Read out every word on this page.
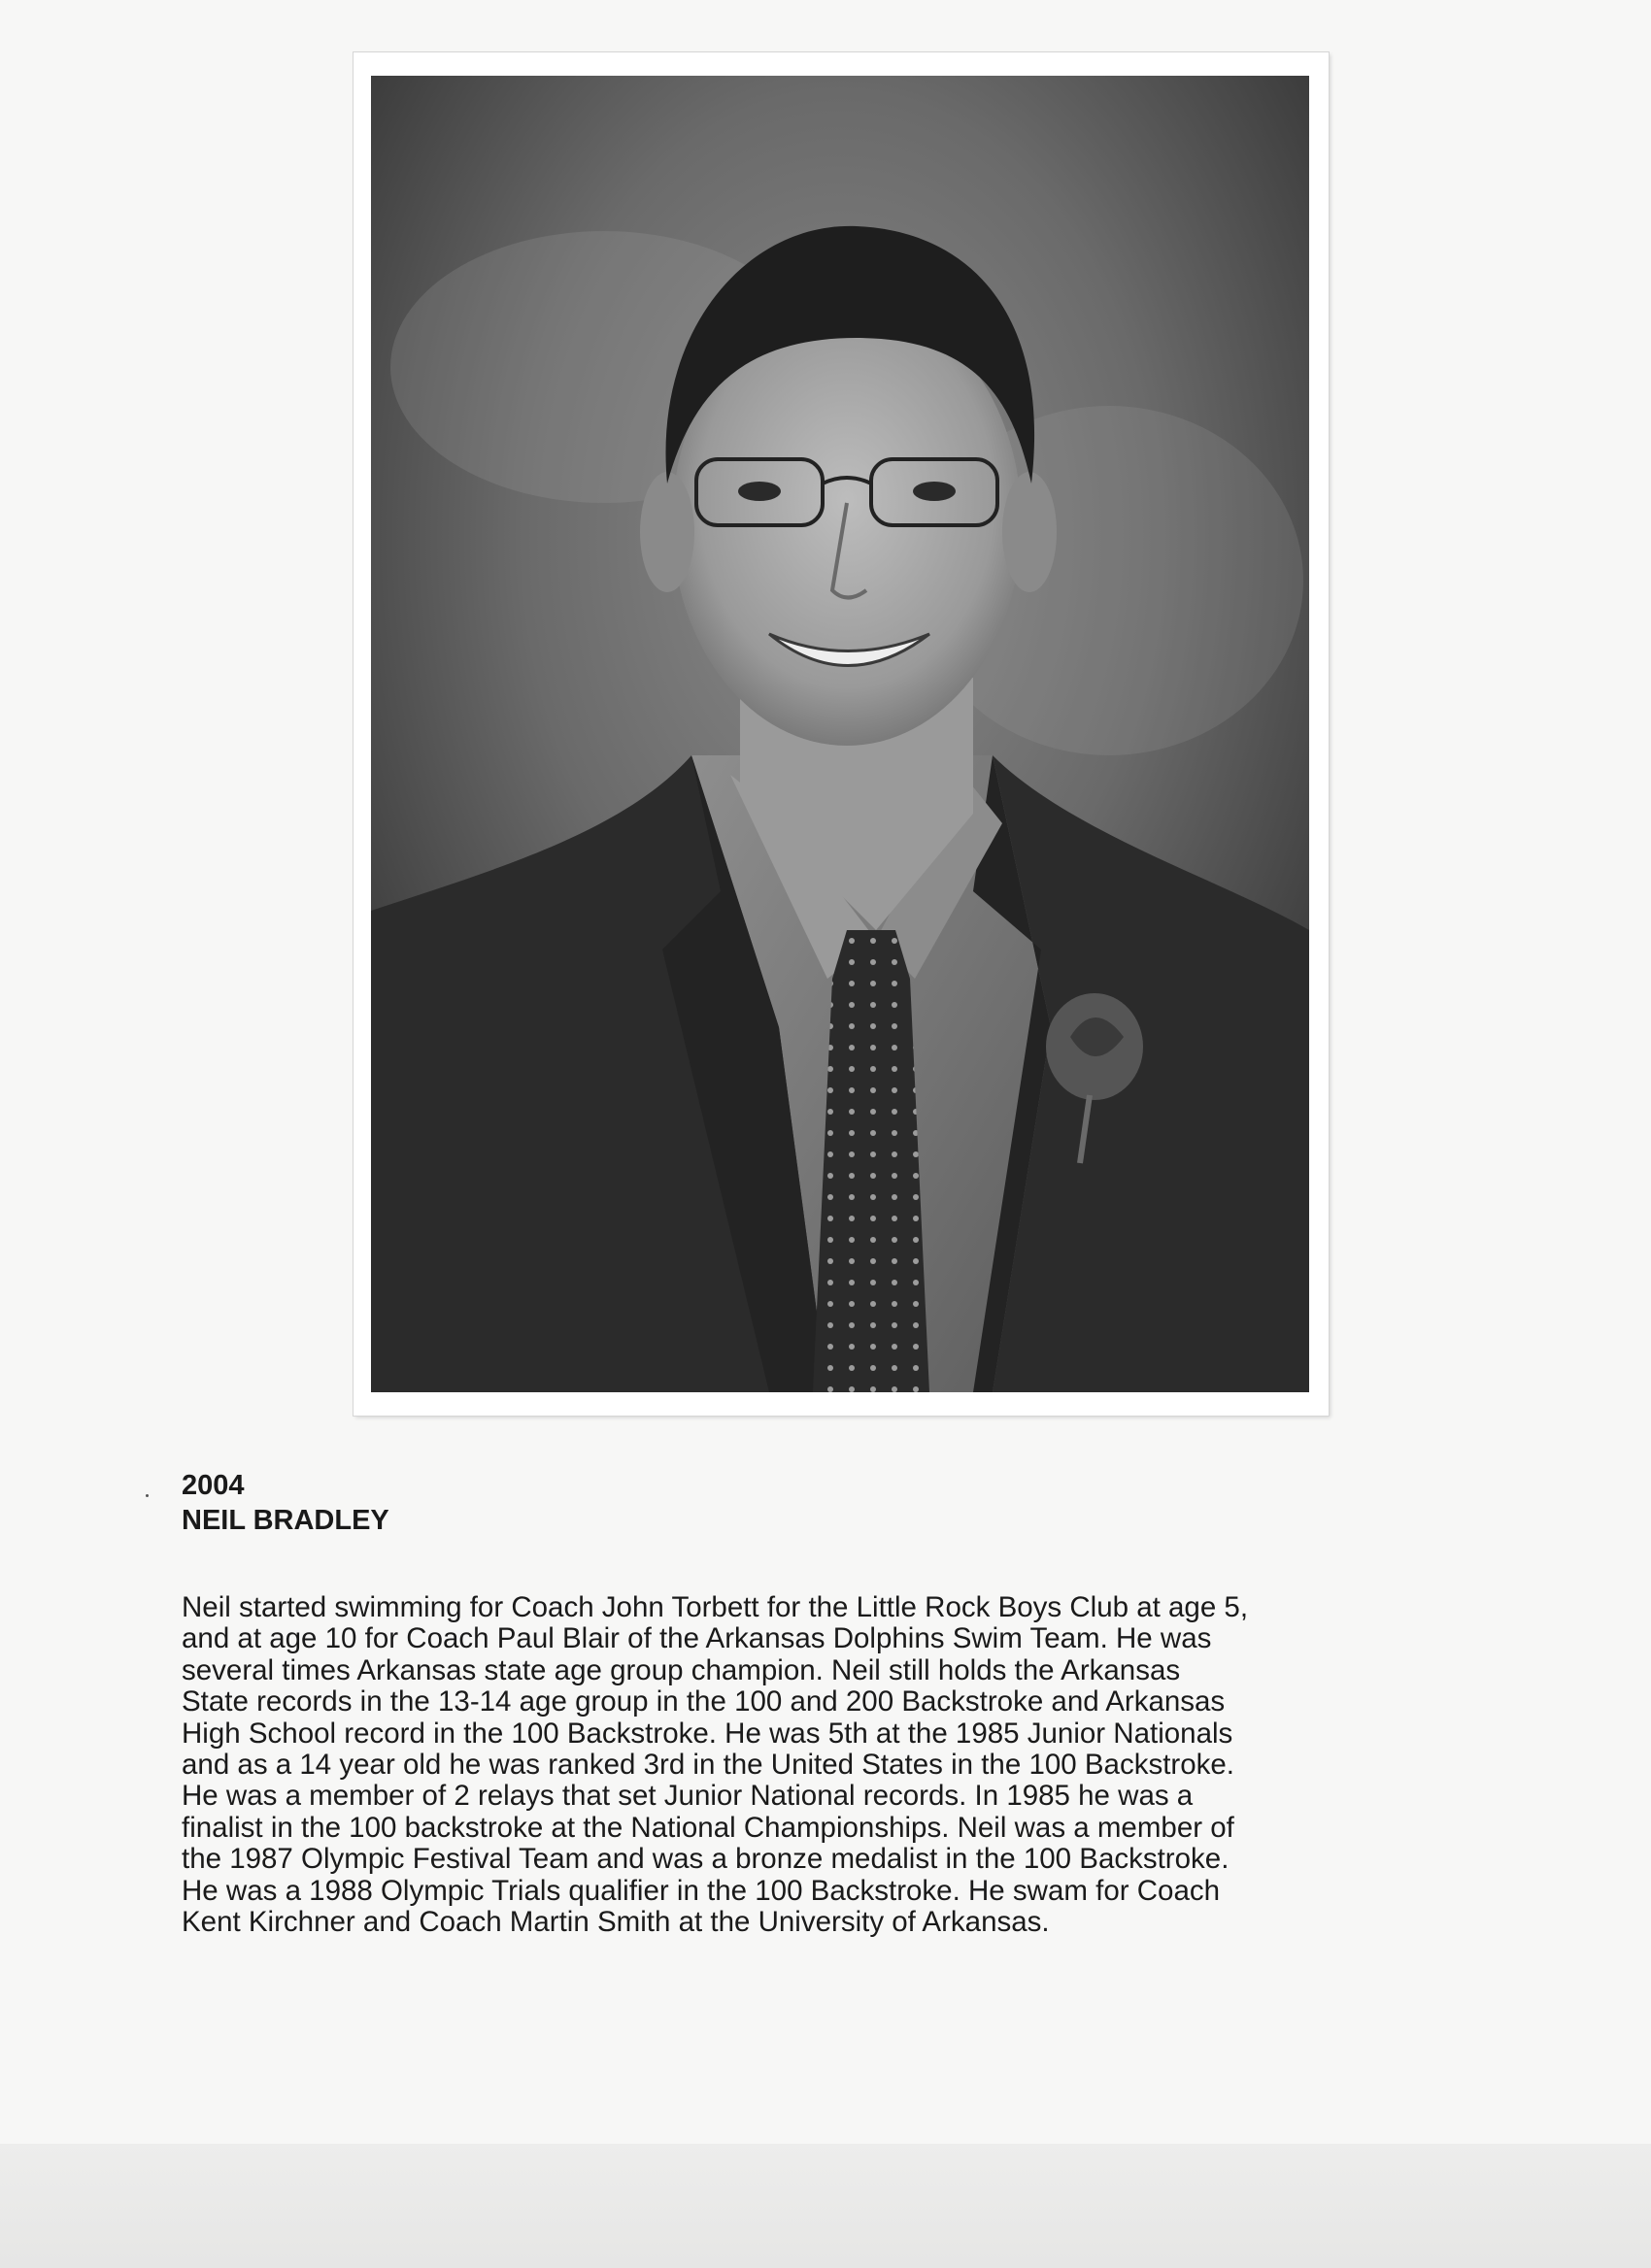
2004

NEIL BRADLEY

Neil started swimming for Coach John Torbett for the Little Rock Boys Club at age 5,

and at age 10 for Coach Paul Blair of the Arkansas Dolphins Swim Team. He was

several times Arkansas state age group champion. Neil still holds the Arkansas

State records in the 13-14 age group in the 100 and 200 Backstroke and Arkansas

High School record in the 100 Backstroke. He was 5th at the 1985 Junior Nationals

and as a 14 year old he was ranked 3rd in the United States in the 100 Backstroke.

He was a member of 2 relays that set Junior National records. In 1985 he was a

finalist in the 100 backstroke at the National Championships. Neil was a member of

the 1987 Olympic Festival Team and was a bronze medalist in the 100 Backstroke.

He was a 1988 Olympic Trials qualifier in the 100 Backstroke. He swam for Coach

Kent Kirchner and Coach Martin Smith at the University of Arkansas.
